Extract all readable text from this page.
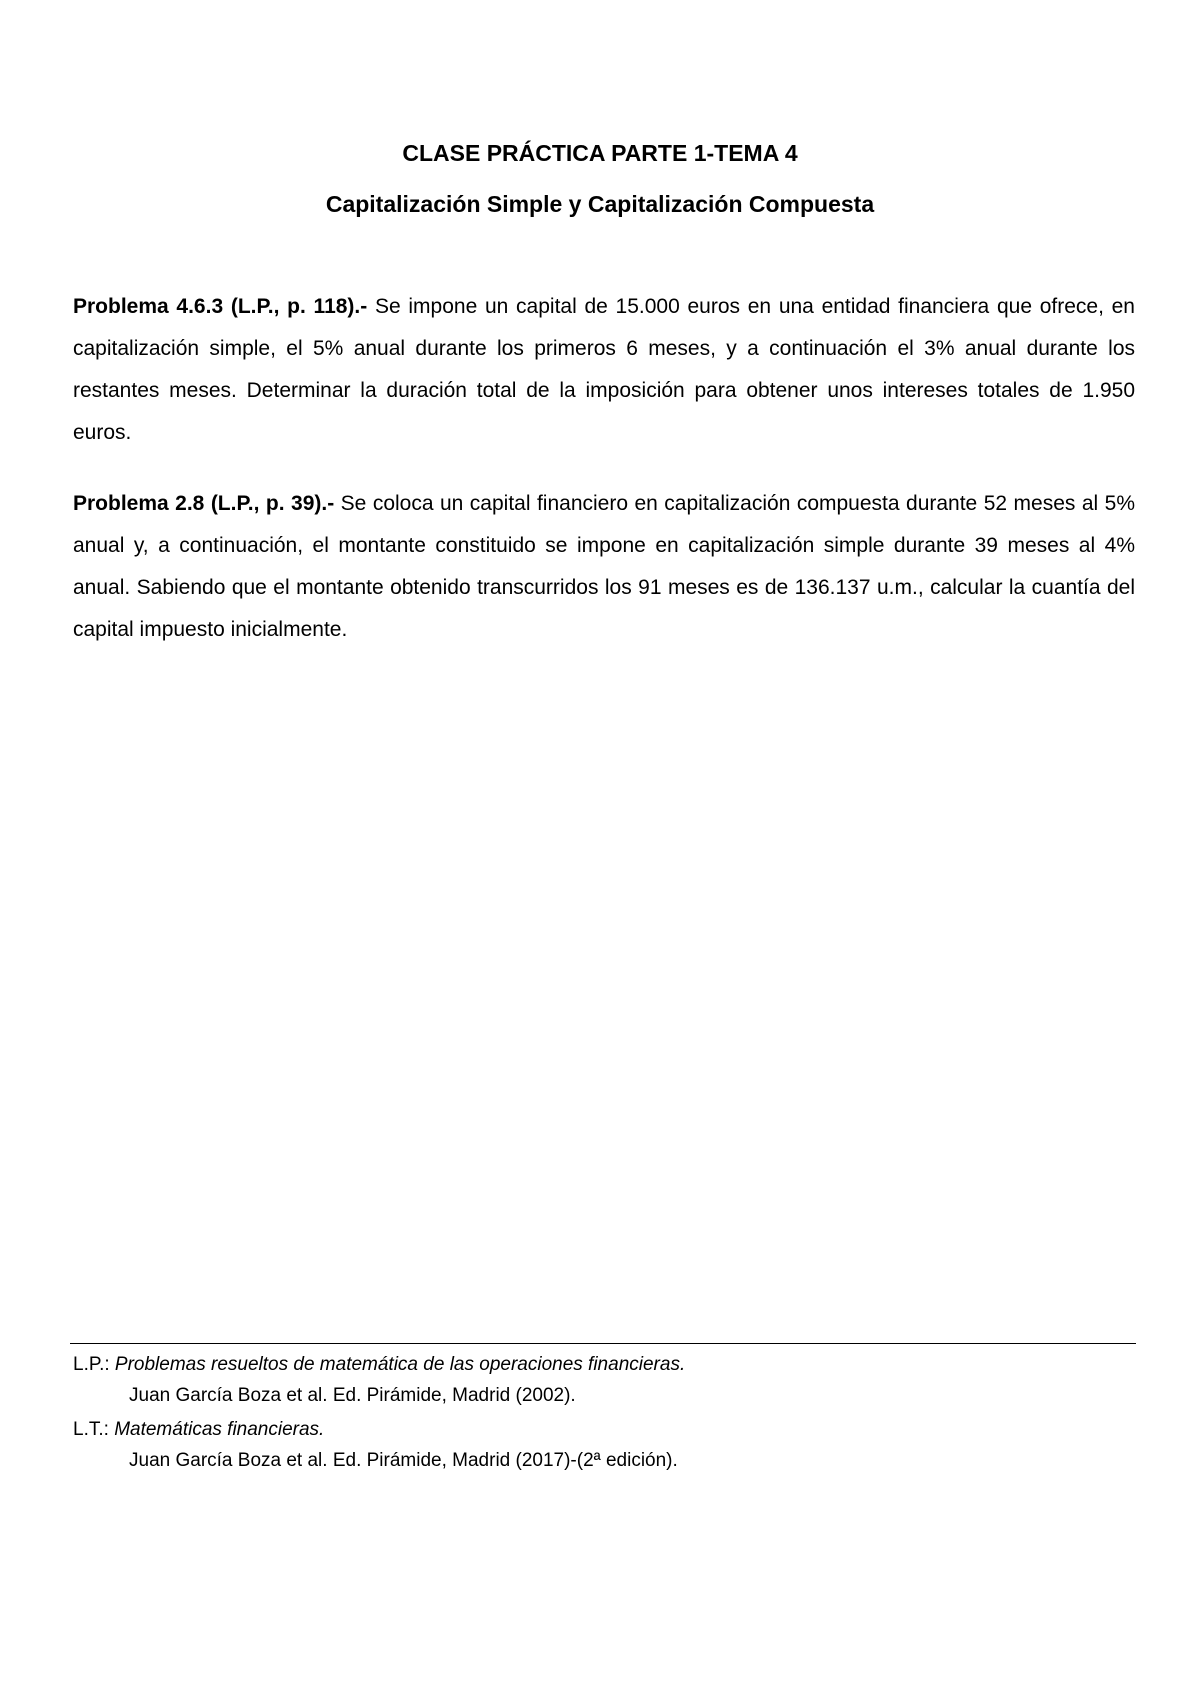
CLASE PRÁCTICA PARTE 1-TEMA 4
Capitalización Simple y Capitalización Compuesta

Problema 4.6.3 (L.P., p. 118).- Se impone un capital de 15.000 euros en una entidad financiera que ofrece, en capitalización simple, el 5% anual durante los primeros 6 meses, y a continuación el 3% anual durante los restantes meses. Determinar la duración total de la imposición para obtener unos intereses totales de 1.950 euros.

Problema 2.8 (L.P., p. 39).- Se coloca un capital financiero en capitalización compuesta durante 52 meses al 5% anual y, a continuación, el montante constituido se impone en capitalización simple durante 39 meses al 4% anual. Sabiendo que el montante obtenido transcurridos los 91 meses es de 136.137 u.m., calcular la cuantía del capital impuesto inicialmente.

L.P.: Problemas resueltos de matemática de las operaciones financieras.
Juan García Boza et al. Ed. Pirámide, Madrid (2002).

L.T.: Matemáticas financieras.
Juan García Boza et al. Ed. Pirámide, Madrid (2017)-(2ª edición).
